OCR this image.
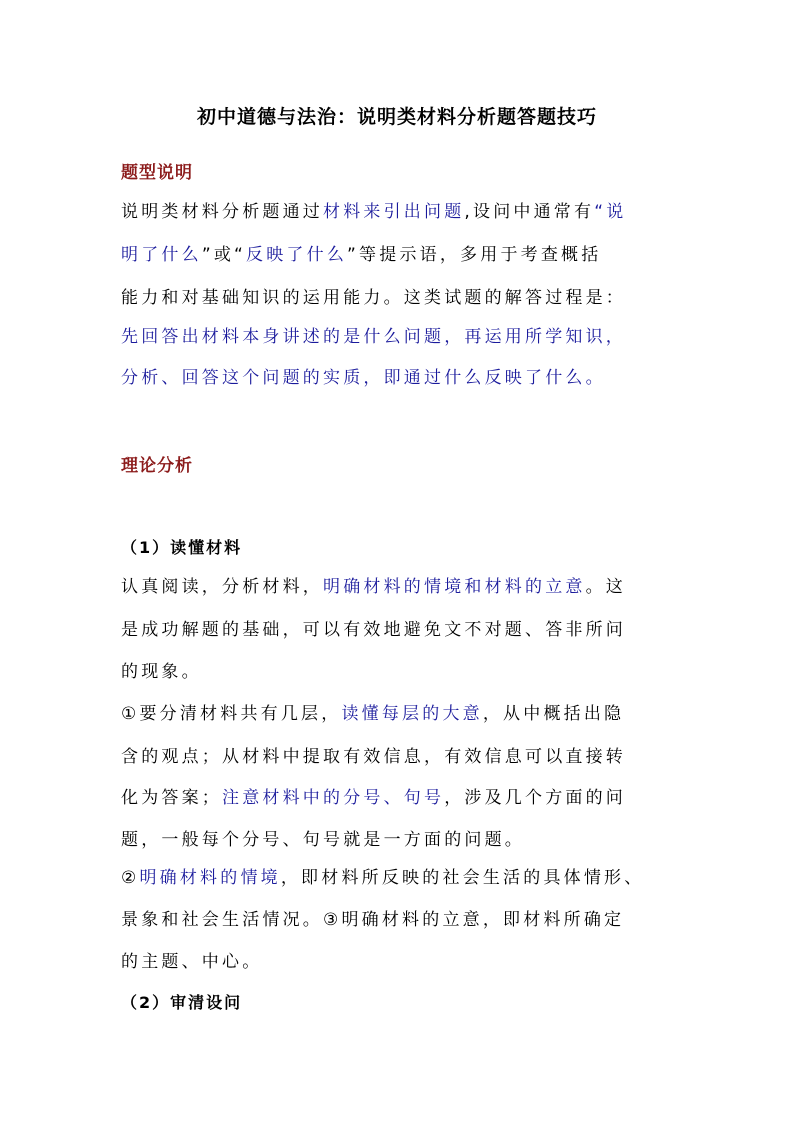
初中道德与法治：说明类材料分析题答题技巧
题型说明
说明类材料分析题通过材料来引出问题,设问中通常有“说
明了什么”或“反映了什么”等提示语，多用于考查概括
能力和对基础知识的运用能力。这类试题的解答过程是：
先回答出材料本身讲述的是什么问题，再运用所学知识，
分析、回答这个问题的实质，即通过什么反映了什么。
理论分析
（1）读懂材料
认真阅读，分析材料，明确材料的情境和材料的立意。这
是成功解题的基础，可以有效地避免文不对题、答非所问
的现象。
①要分清材料共有几层，读懂每层的大意，从中概括出隐
含的观点；从材料中提取有效信息，有效信息可以直接转
化为答案；注意材料中的分号、句号，涉及几个方面的问
题，一般每个分号、句号就是一方面的问题。
②明确材料的情境，即材料所反映的社会生活的具体情形、
景象和社会生活情况。③明确材料的立意，即材料所确定
的主题、中心。
（2）审清设问
